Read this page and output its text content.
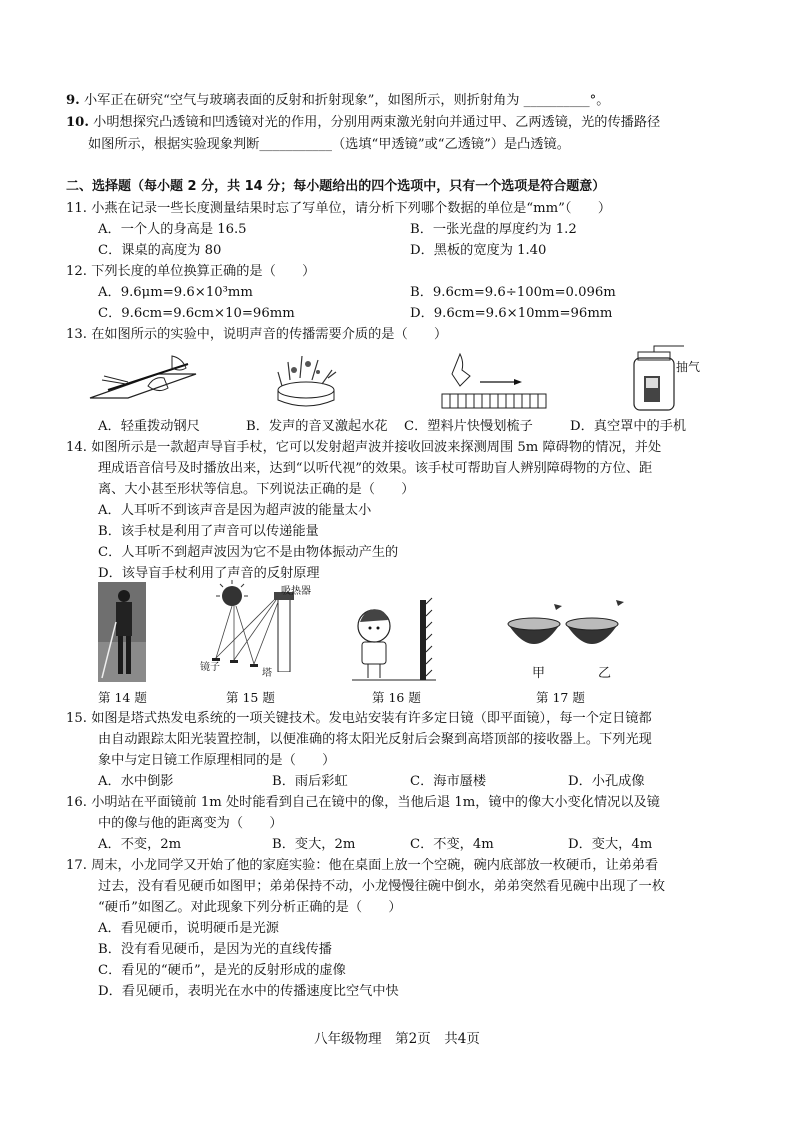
9. 小军正在研究“空气与玻璃表面的反射和折射现象”，如图所示，则折射角为 __________°。
10. 小明想探究凸透镜和凹透镜对光的作用，分别用两束激光射向并通过甲、乙两透镜，光的传播路径
如图所示，根据实验现象判断___________（选填“甲透镜”或“乙透镜”）是凸透镜。
二、选择题（每小题 2 分，共 14 分；每小题给出的四个选项中，只有一个选项是符合题意）
11. 小燕在记录一些长度测量结果时忘了写单位，请分析下列哪个数据的单位是“mm”（　　）
A．一个人的身高是 16.5	B．一张光盘的厚度约为 1.2
C．课桌的高度为 80	D．黑板的宽度为 1.40
12. 下列长度的单位换算正确的是（　　）
A．9.6μm=9.6×10³mm	B．9.6cm=9.6÷100m=0.096m
C．9.6cm=9.6cm×10=96mm	D．9.6cm=9.6×10mm=96mm
13. 在如图所示的实验中，说明声音的传播需要介质的是（　　）
抽气
A．轻重拨动钢尺	B．发声的音叉激起水花 C．塑料片快慢划梳子	D．真空罩中的手机
14. 如图所示是一款超声导盲手杖，它可以发射超声波并接收回波来探测周围 5m 障碍物的情况，并处
理成语音信号及时播放出来，达到“以听代视”的效果。该手杖可帮助盲人辨别障碍物的方位、距
离、大小甚至形状等信息。下列说法正确的是（　　）
A．人耳听不到该声音是因为超声波的能量太小
B．该手杖是利用了声音可以传递能量
C．人耳听不到超声波因为它不是由物体振动产生的
D．该导盲手杖利用了声音的反射原理
吸热器
镜子
塔	甲	乙
第 14 题	第 15 题	第 16 题	第 17 题
15. 如图是塔式热发电系统的一项关键技术。发电站安装有许多定日镜（即平面镜），每一个定日镜都
由自动跟踪太阳光装置控制，以便准确的将太阳光反射后会聚到高塔顶部的接收器上。下列光现
象中与定日镜工作原理相同的是（　　）
A．水中倒影	B．雨后彩虹	C．海市蜃楼	D．小孔成像
16. 小明站在平面镜前 1m 处时能看到自己在镜中的像，当他后退 1m，镜中的像大小变化情况以及镜
中的像与他的距离变为（　　）
A．不变，2m	B．变大，2m	C．不变，4m	D．变大，4m
17. 周末，小龙同学又开始了他的家庭实验：他在桌面上放一个空碗，碗内底部放一枚硬币，让弟弟看
过去，没有看见硬币如图甲；弟弟保持不动，小龙慢慢往碗中倒水，弟弟突然看见碗中出现了一枚
“硬币”如图乙。对此现象下列分析正确的是（　　）
A．看见硬币，说明硬币是光源
B．没有看见硬币，是因为光的直线传播
C．看见的“硬币”，是光的反射形成的虚像
D．看见硬币，表明光在水中的传播速度比空气中快
八年级物理　第2页　共4页
